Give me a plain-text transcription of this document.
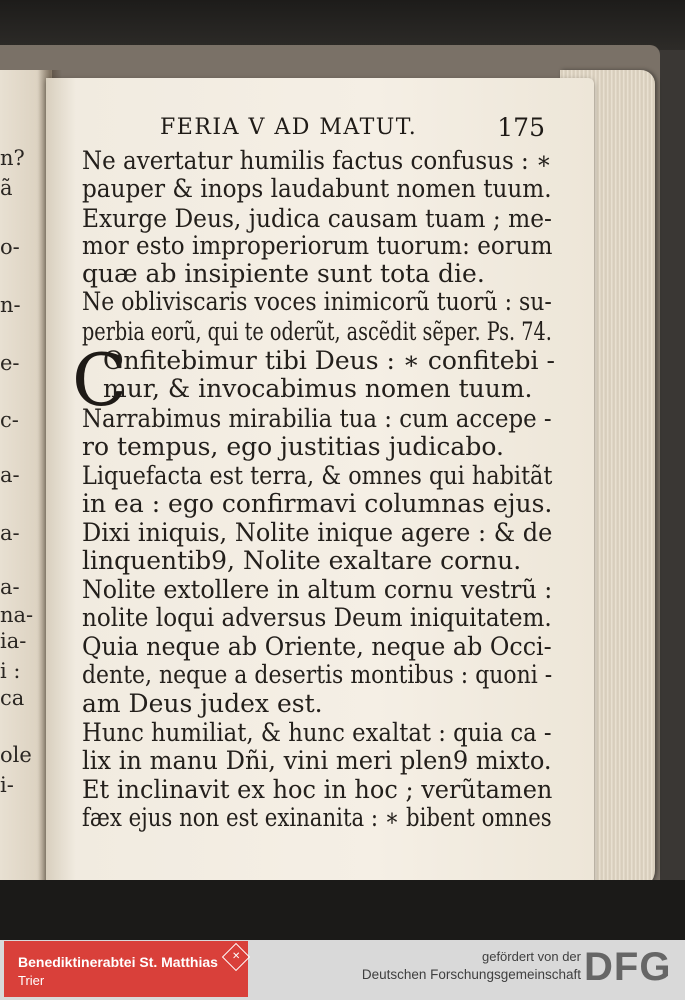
n?
ã
o-
n-
e-
c-
a-
a-
a-
na-
ia-
i :
ca
ole
i-
FERIA V AD MATUT.	175
C
Ne avertatur humilis factus confusus : ∗
pauper & inops laudabunt nomen tuum.
Exurge Deus, judica causam tuam ; me-
mor esto improperiorum tuorum: eorum
quæ ab insipiente sunt tota die.
Ne obliviscaris voces inimicorũ tuorũ : su-
perbia eorũ, qui te oderũt, ascẽdit sẽper. Ps. 74.
Onfitebimur tibi Deus : ∗ confitebi -
mur, & invocabimus nomen tuum.
Narrabimus mirabilia tua : cum accepe -
ro tempus, ego justitias judicabo.
Liquefacta est terra, & omnes qui habitãt
in ea : ego confirmavi columnas ejus.
Dixi iniquis, Nolite inique agere : & de
linquentib9, Nolite exaltare cornu.
Nolite extollere in altum cornu vestrũ :
nolite loqui adversus Deum iniquitatem.
Quia neque ab Oriente, neque ab Occi-
dente, neque a desertis montibus : quoni -
am Deus judex est.
Hunc humiliat, & hunc exaltat : quia ca -
lix in manu Dñi, vini meri plen9 mixto.
Et inclinavit ex hoc in hoc ; verũtamen
fæx ejus non est exinanita : ∗ bibent omnes
Benediktinerabtei St. Matthias
Trier
✕	gefördert von der
Deutschen Forschungsgemeinschaft DFG
